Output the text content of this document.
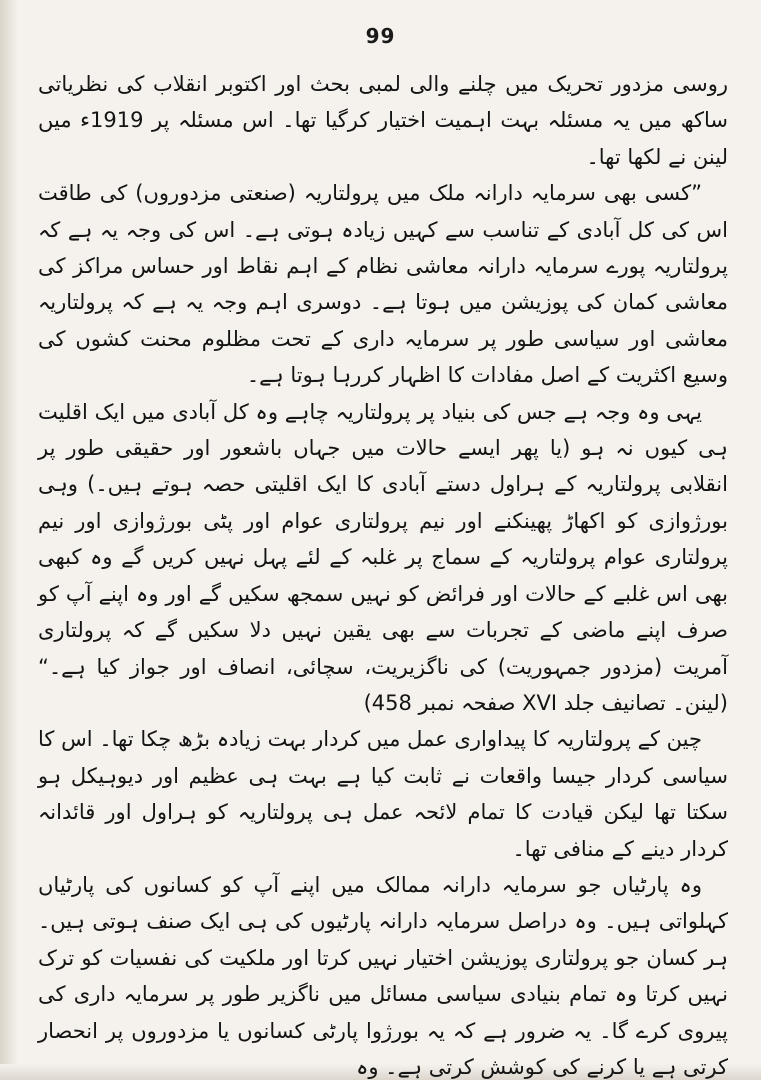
99

روسی مزدور تحریک میں چلنے والی لمبی بحث اور اکتوبر انقلاب کی نظریاتی ساکھ میں یہ مسئلہ بہت اہمیت اختیار کرگیا تھا۔ اس مسئلہ پر 1919ء میں لینن نے لکھا تھا۔

”کسی بھی سرمایہ دارانہ ملک میں پرولتاریہ (صنعتی مزدوروں) کی طاقت اس کی کل آبادی کے تناسب سے کہیں زیادہ ہوتی ہے۔ اس کی وجہ یہ ہے کہ پرولتاریہ پورے سرمایہ دارانہ معاشی نظام کے اہم نقاط اور حساس مراکز کی معاشی کمان کی پوزیشن میں ہوتا ہے۔ دوسری اہم وجہ یہ ہے کہ پرولتاریہ معاشی اور سیاسی طور پر سرمایہ داری کے تحت مظلوم محنت کشوں کی وسیع اکثریت کے اصل مفادات کا اظہار کررہا ہوتا ہے۔

یہی وہ وجہ ہے جس کی بنیاد پر پرولتاریہ چاہے وہ کل آبادی میں ایک اقلیت ہی کیوں نہ ہو (یا پھر ایسے حالات میں جہاں باشعور اور حقیقی طور پر انقلابی پرولتاریہ کے ہراول دستے آبادی کا ایک اقلیتی حصہ ہوتے ہیں۔) وہی بورژوازی کو اکھاڑ پھینکنے اور نیم پرولتاری عوام اور پٹی بورژوازی اور نیم پرولتاری عوام پرولتاریہ کے سماج پر غلبہ کے لئے پہل نہیں کریں گے وہ کبھی بھی اس غلبے کے حالات اور فرائض کو نہیں سمجھ سکیں گے اور وہ اپنے آپ کو صرف اپنے ماضی کے تجربات سے بھی یقین نہیں دلا سکیں گے کہ پرولتاری آمریت (مزدور جمہوریت) کی ناگزیریت، سچائی، انصاف اور جواز کیا ہے۔“ (لینن۔ تصانیف جلد XVI صفحہ نمبر 458)

چین کے پرولتاریہ کا پیداواری عمل میں کردار بہت زیادہ بڑھ چکا تھا۔ اس کا سیاسی کردار جیسا واقعات نے ثابت کیا ہے بہت ہی عظیم اور دیوہیکل ہو سکتا تھا لیکن قیادت کا تمام لائحہ عمل ہی پرولتاریہ کو ہراول اور قائدانہ کردار دینے کے منافی تھا۔

وہ پارٹیاں جو سرمایہ دارانہ ممالک میں اپنے آپ کو کسانوں کی پارٹیاں کہلواتی ہیں۔ وہ دراصل سرمایہ دارانہ پارٹیوں کی ہی ایک صنف ہوتی ہیں۔ ہر کسان جو پرولتاری پوزیشن اختیار نہیں کرتا اور ملکیت کی نفسیات کو ترک نہیں کرتا وہ تمام بنیادی سیاسی مسائل میں ناگزیر طور پر سرمایہ داری کی پیروی کرے گا۔ یہ ضرور ہے کہ یہ بورژوا پارٹی کسانوں یا مزدوروں پر انحصار کرتی ہے یا کرنے کی کوشش کرتی ہے۔ وہ
